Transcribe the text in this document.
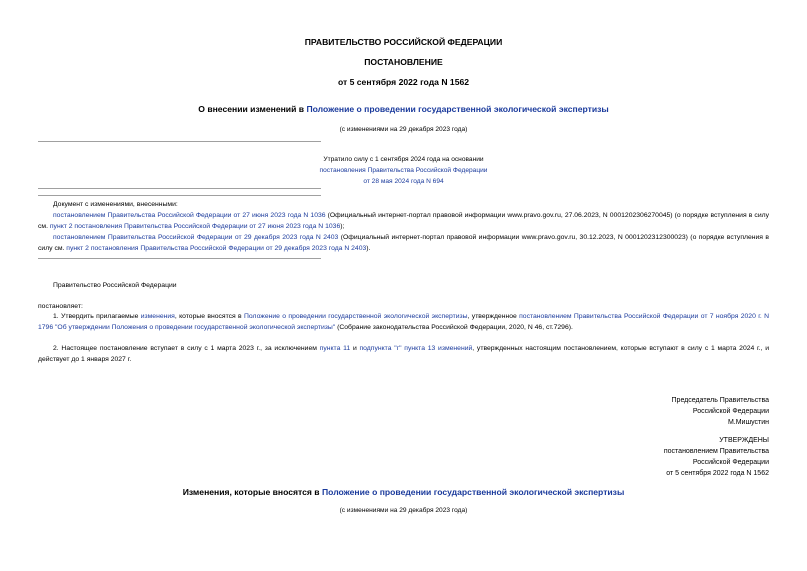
ПРАВИТЕЛЬСТВО РОССИЙСКОЙ ФЕДЕРАЦИИ
ПОСТАНОВЛЕНИЕ
от 5 сентября 2022 года N 1562
О внесении изменений в Положение о проведении государственной экологической экспертизы
(с изменениями на 29 декабря 2023 года)
Утратило силу с 1 сентября 2024 года на основании
постановления Правительства Российской Федерации
от 28 мая 2024 года N 694
Документ с изменениями, внесенными:
постановлением Правительства Российской Федерации от 27 июня 2023 года N 1036 (Официальный интернет-портал правовой информации www.pravo.gov.ru, 27.06.2023, N 0001202306270045) (о порядке вступления в силу см. пункт 2 постановления Правительства Российской Федерации от 27 июня 2023 года N 1036);
постановлением Правительства Российской Федерации от 29 декабря 2023 года N 2403 (Официальный интернет-портал правовой информации www.pravo.gov.ru, 30.12.2023, N 0001202312300023) (о порядке вступления в силу см. пункт 2 постановления Правительства Российской Федерации от 29 декабря 2023 года N 2403).
Правительство Российской Федерации
постановляет:
1. Утвердить прилагаемые изменения, которые вносятся в Положение о проведении государственной экологической экспертизы, утвержденное постановлением Правительства Российской Федерации от 7 ноября 2020 г. N 1796 "Об утверждении Положения о проведении государственной экологической экспертизы" (Собрание законодательства Российской Федерации, 2020, N 46, ст.7296).
2. Настоящее постановление вступает в силу с 1 марта 2023 г., за исключением пункта 11 и подпункта "г" пункта 13 изменений, утвержденных настоящим постановлением, которые вступают в силу с 1 марта 2024 г., и действует до 1 января 2027 г.
Председатель Правительства
Российской Федерации
М.Мишустин
УТВЕРЖДЕНЫ
постановлением Правительства
Российской Федерации
от 5 сентября 2022 года N 1562
Изменения, которые вносятся в Положение о проведении государственной экологической экспертизы
(с изменениями на 29 декабря 2023 года)
